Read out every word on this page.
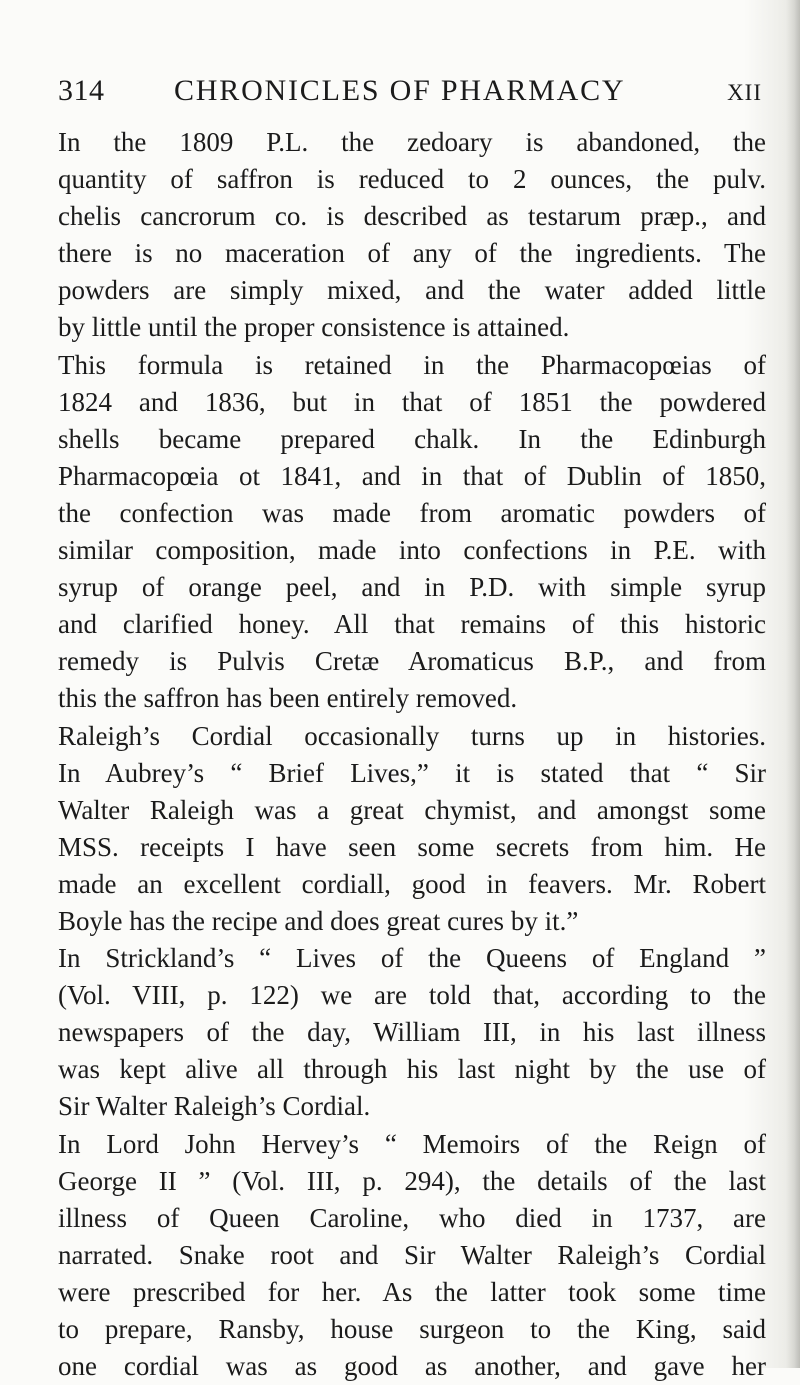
314 CHRONICLES OF PHARMACY	XII
In the 1809 P.L. the zedoary is abandoned, the
quantity of saffron is reduced to 2 ounces, the pulv.
chelis cancrorum co. is described as testarum præp., and
there is no maceration of any of the ingredients. The
powders are simply mixed, and the water added little
by little until the proper consistence is attained.
This formula is retained in the Pharmacopœias of
1824 and 1836, but in that of 1851 the powdered
shells became prepared chalk. In the Edinburgh
Pharmacopœia ot 1841, and in that of Dublin of 1850,
the confection was made from aromatic powders of
similar composition, made into confections in P.E. with
syrup of orange peel, and in P.D. with simple syrup
and clarified honey. All that remains of this historic
remedy is Pulvis Cretæ Aromaticus B.P., and from
this the saffron has been entirely removed.
Raleigh’s Cordial occasionally turns up in histories.
In Aubrey’s “ Brief Lives,” it is stated that “ Sir
Walter Raleigh was a great chymist, and amongst some
MSS. receipts I have seen some secrets from him. He
made an excellent cordiall, good in feavers. Mr. Robert
Boyle has the recipe and does great cures by it.”
In Strickland’s “ Lives of the Queens of England ”
(Vol. VIII, p. 122) we are told that, according to the
newspapers of the day, William III, in his last illness
was kept alive all through his last night by the use of
Sir Walter Raleigh’s Cordial.
In Lord John Hervey’s “ Memoirs of the Reign of
George II ” (Vol. III, p. 294), the details of the last
illness of Queen Caroline, who died in 1737, are
narrated. Snake root and Sir Walter Raleigh’s Cordial
were prescribed for her. As the latter took some time
to prepare, Ransby, house surgeon to the King, said
one cordial was as good as another, and gave her
